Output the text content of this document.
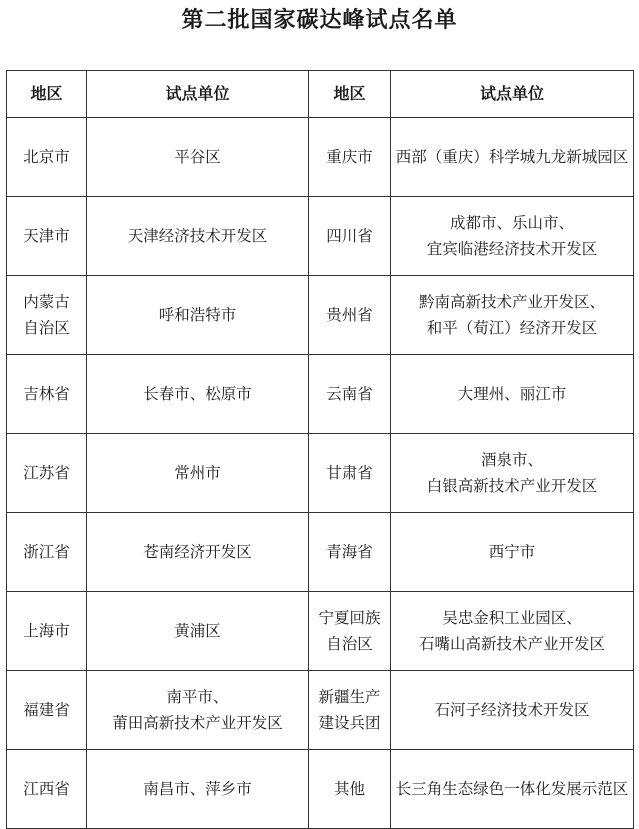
第二批国家碳达峰试点名单
地区	试点单位	地区	试点单位

北京市	平谷区	重庆市	西部（重庆）科学城九龙新城园区

天津市	天津经济技术开发区	四川省	成都市、乐山市、
宜宾临港经济技术开发区

内蒙古
自治区	呼和浩特市	贵州省	黔南高新技术产业开发区、
和平（荀江）经济开发区

吉林省	长春市、松原市	云南省	大理州、丽江市

江苏省	常州市	甘肃省	酒泉市、
白银高新技术产业开发区

浙江省	苍南经济开发区	青海省	西宁市

上海市	黄浦区	宁夏回族
自治区	吴忠金积工业园区、
石嘴山高新技术产业开发区

福建省	南平市、
莆田高新技术产业开发区	新疆生产
建设兵团	石河子经济技术开发区

江西省	南昌市、萍乡市	其他	长三角生态绿色一体化发展示范区
